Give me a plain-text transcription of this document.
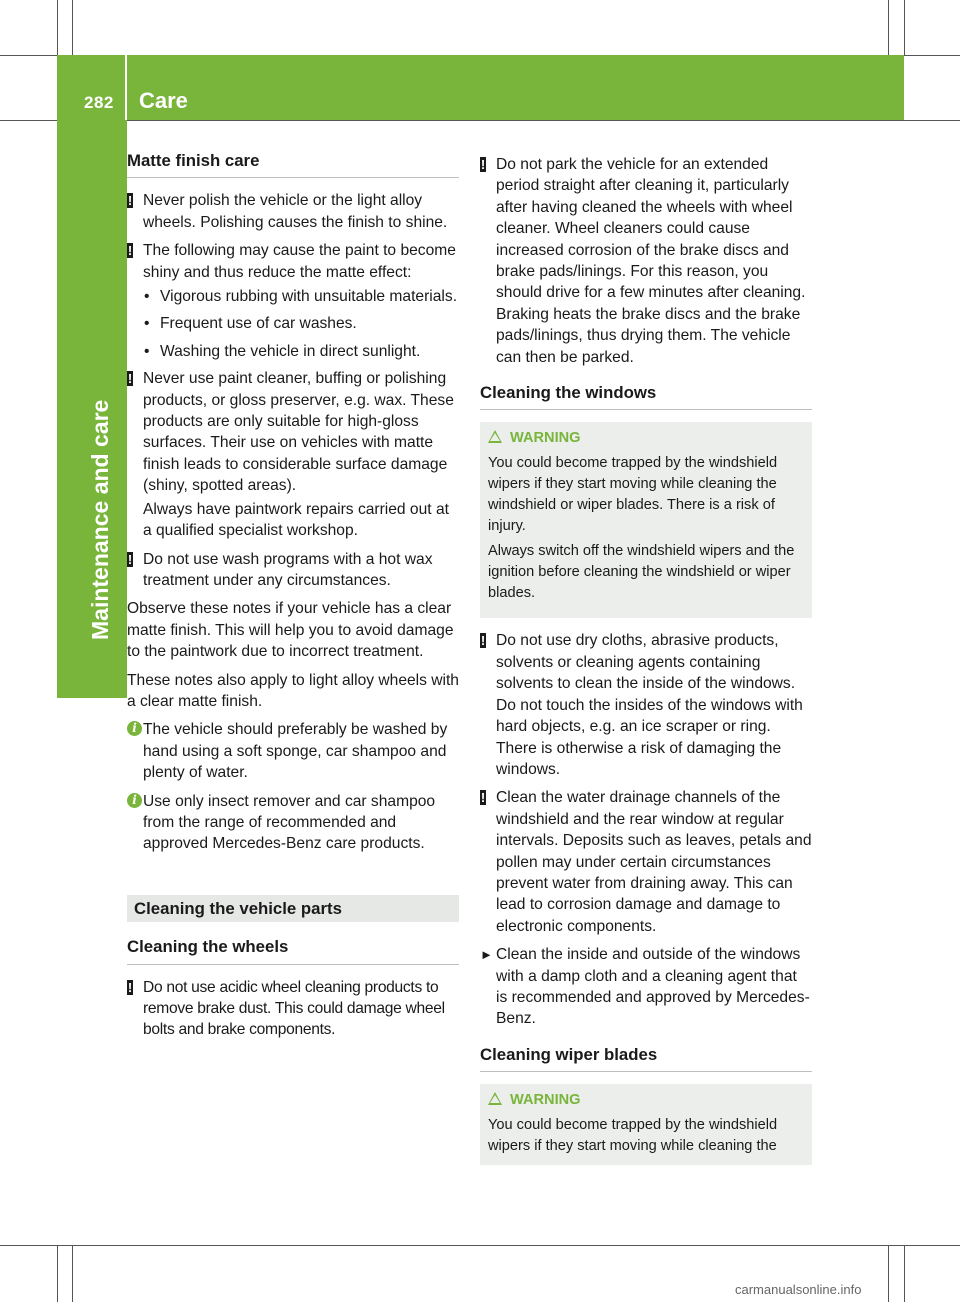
282 Care
Maintenance and care
Matte finish care
! Never polish the vehicle or the light alloy wheels. Polishing causes the finish to shine.
! The following may cause the paint to become shiny and thus reduce the matte effect:
• Vigorous rubbing with unsuitable materials.
• Frequent use of car washes.
• Washing the vehicle in direct sunlight.
! Never use paint cleaner, buffing or polishing products, or gloss preserver, e.g. wax. These products are only suitable for high-gloss surfaces. Their use on vehicles with matte finish leads to considerable surface damage (shiny, spotted areas).
Always have paintwork repairs carried out at a qualified specialist workshop.
! Do not use wash programs with a hot wax treatment under any circumstances.

Observe these notes if your vehicle has a clear matte finish. This will help you to avoid damage to the paintwork due to incorrect treatment.

These notes also apply to light alloy wheels with a clear matte finish.

i The vehicle should preferably be washed by hand using a soft sponge, car shampoo and plenty of water.
i Use only insect remover and car shampoo from the range of recommended and approved Mercedes-Benz care products.
Cleaning the vehicle parts
Cleaning the wheels
! Do not use acidic wheel cleaning products to remove brake dust. This could damage wheel bolts and brake components.
! Do not park the vehicle for an extended period straight after cleaning it, particularly after having cleaned the wheels with wheel cleaner. Wheel cleaners could cause increased corrosion of the brake discs and brake pads/linings. For this reason, you should drive for a few minutes after cleaning. Braking heats the brake discs and the brake pads/linings, thus drying them. The vehicle can then be parked.
Cleaning the windows
WARNING

You could become trapped by the windshield wipers if they start moving while cleaning the windshield or wiper blades. There is a risk of injury.

Always switch off the windshield wipers and the ignition before cleaning the windshield or wiper blades.

! Do not use dry cloths, abrasive products, solvents or cleaning agents containing solvents to clean the inside of the windows. Do not touch the insides of the windows with hard objects, e.g. an ice scraper or ring. There is otherwise a risk of damaging the windows.
! Clean the water drainage channels of the windshield and the rear window at regular intervals. Deposits such as leaves, petals and pollen may under certain circumstances prevent water from draining away. This can lead to corrosion damage and damage to electronic components.
► Clean the inside and outside of the windows with a damp cloth and a cleaning agent that is recommended and approved by Mercedes-Benz.
Cleaning wiper blades
WARNING

You could become trapped by the windshield wipers if they start moving while cleaning the

carmanualsonline.info
